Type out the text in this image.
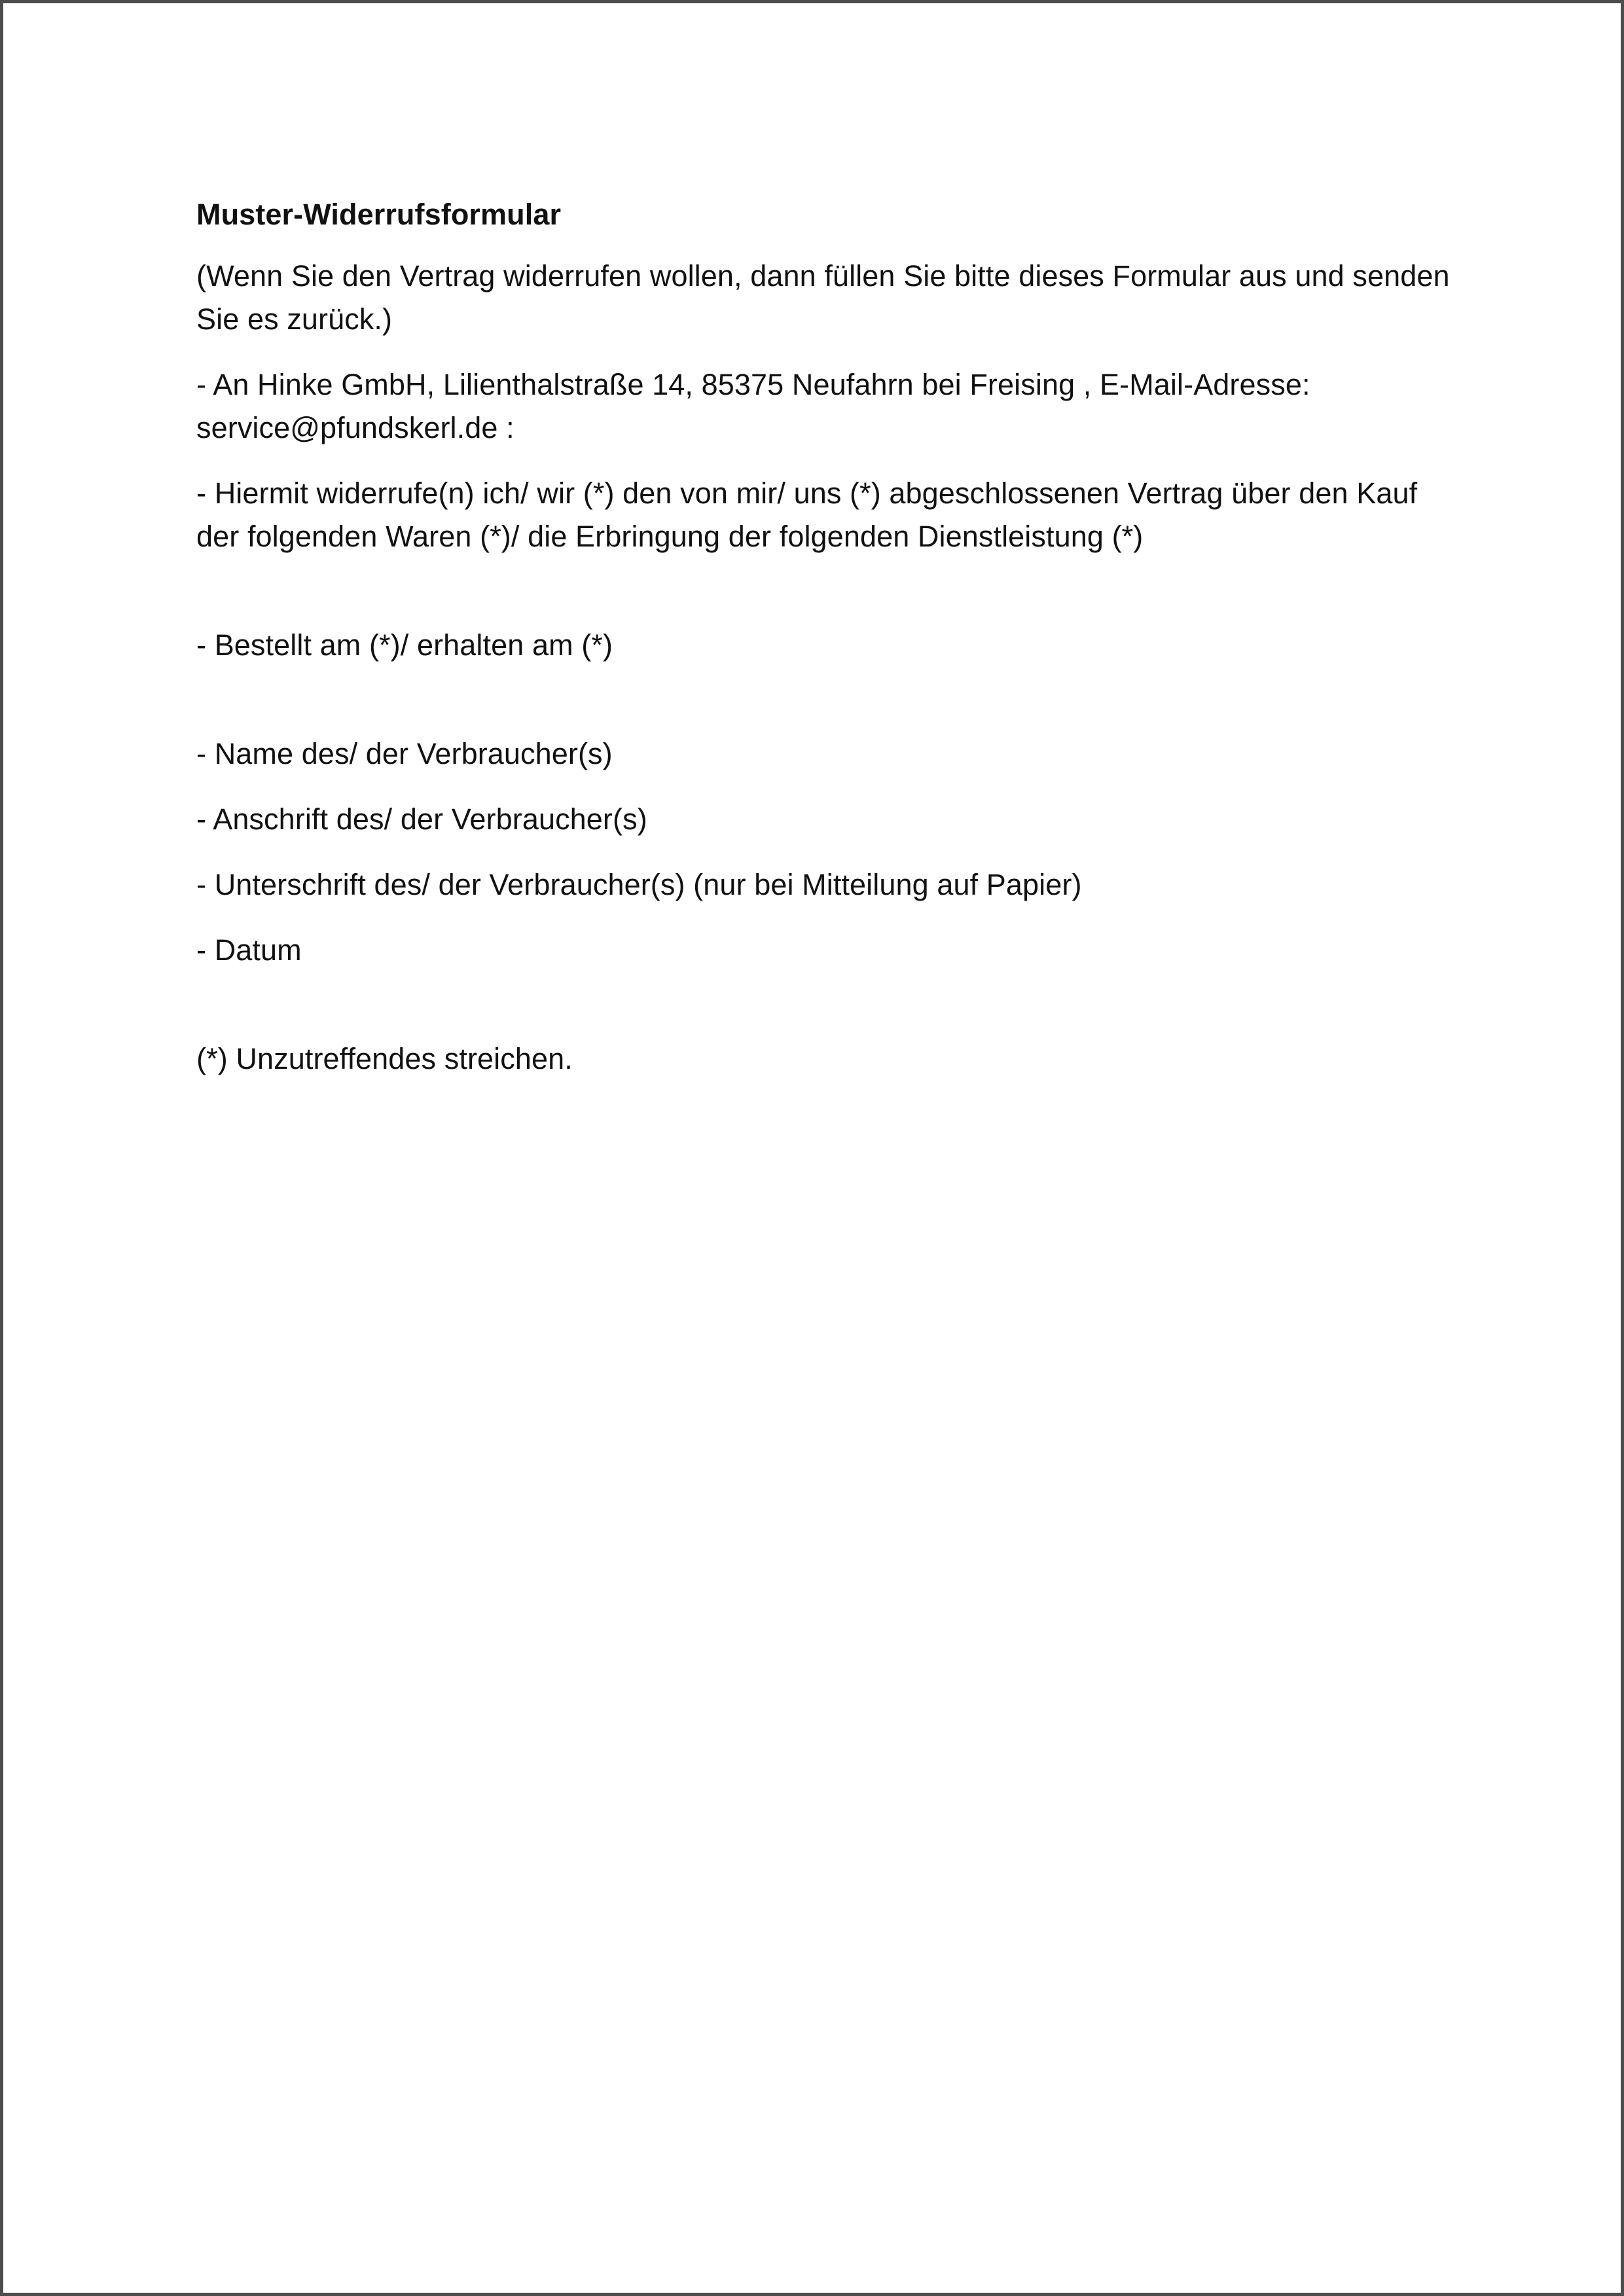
Muster-Widerrufsformular

(Wenn Sie den Vertrag widerrufen wollen, dann füllen Sie bitte dieses Formular aus und senden Sie es zurück.)

- An Hinke GmbH, Lilienthalstraße 14, 85375 Neufahrn bei Freising , E-Mail-Adresse: service@pfundskerl.de :

- Hiermit widerrufe(n) ich/ wir (*) den von mir/ uns (*) abgeschlossenen Vertrag über den Kauf der folgenden Waren (*)/ die Erbringung der folgenden Dienstleistung (*)

- Bestellt am (*)/ erhalten am (*)

- Name des/ der Verbraucher(s)

- Anschrift des/ der Verbraucher(s)

- Unterschrift des/ der Verbraucher(s) (nur bei Mitteilung auf Papier)

- Datum

(*) Unzutreffendes streichen.
